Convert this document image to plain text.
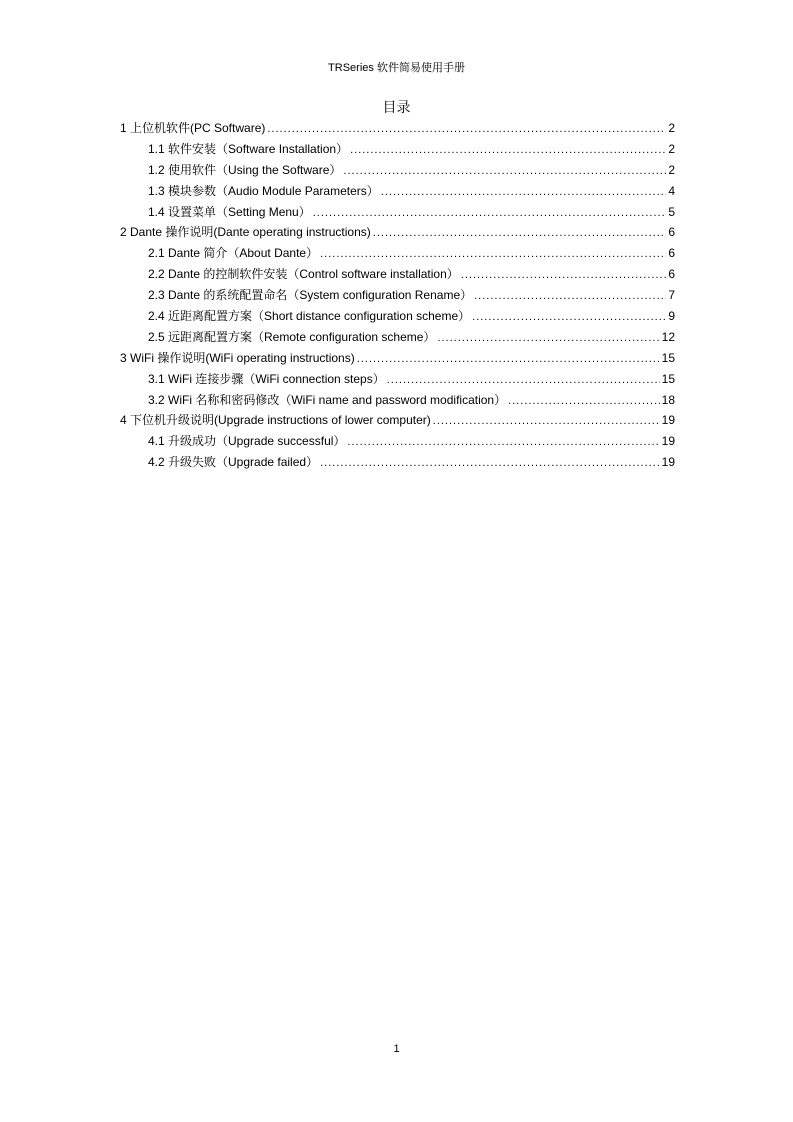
TRSeries 软件简易使用手册
目录
1 上位机软件(PC Software) .....	2
1.1 软件安装（Software Installation） .....	2
1.2 使用软件（Using the Software） .....	2
1.3 模块参数（Audio Module Parameters） .....	4
1.4 设置菜单（Setting Menu） .....	5
2 Dante 操作说明(Dante operating instructions) .....	6
2.1 Dante 简介（About Dante） .....	6
2.2 Dante 的控制软件安装（Control software installation） .....	6
2.3 Dante 的系统配置命名（System configuration Rename） .....	7
2.4 近距离配置方案（Short distance configuration scheme） .....	9
2.5 远距离配置方案（Remote configuration scheme） .....	12
3 WiFi 操作说明(WiFi operating instructions) .....	15
3.1 WiFi 连接步骤（WiFi connection steps） .....	15
3.2 WiFi 名称和密码修改（WiFi name and password modification） .....	18
4 下位机升级说明(Upgrade instructions of lower computer) .....	19
4.1 升级成功（Upgrade successful） .....	19
4.2 升级失败（Upgrade failed） .....	19
1
